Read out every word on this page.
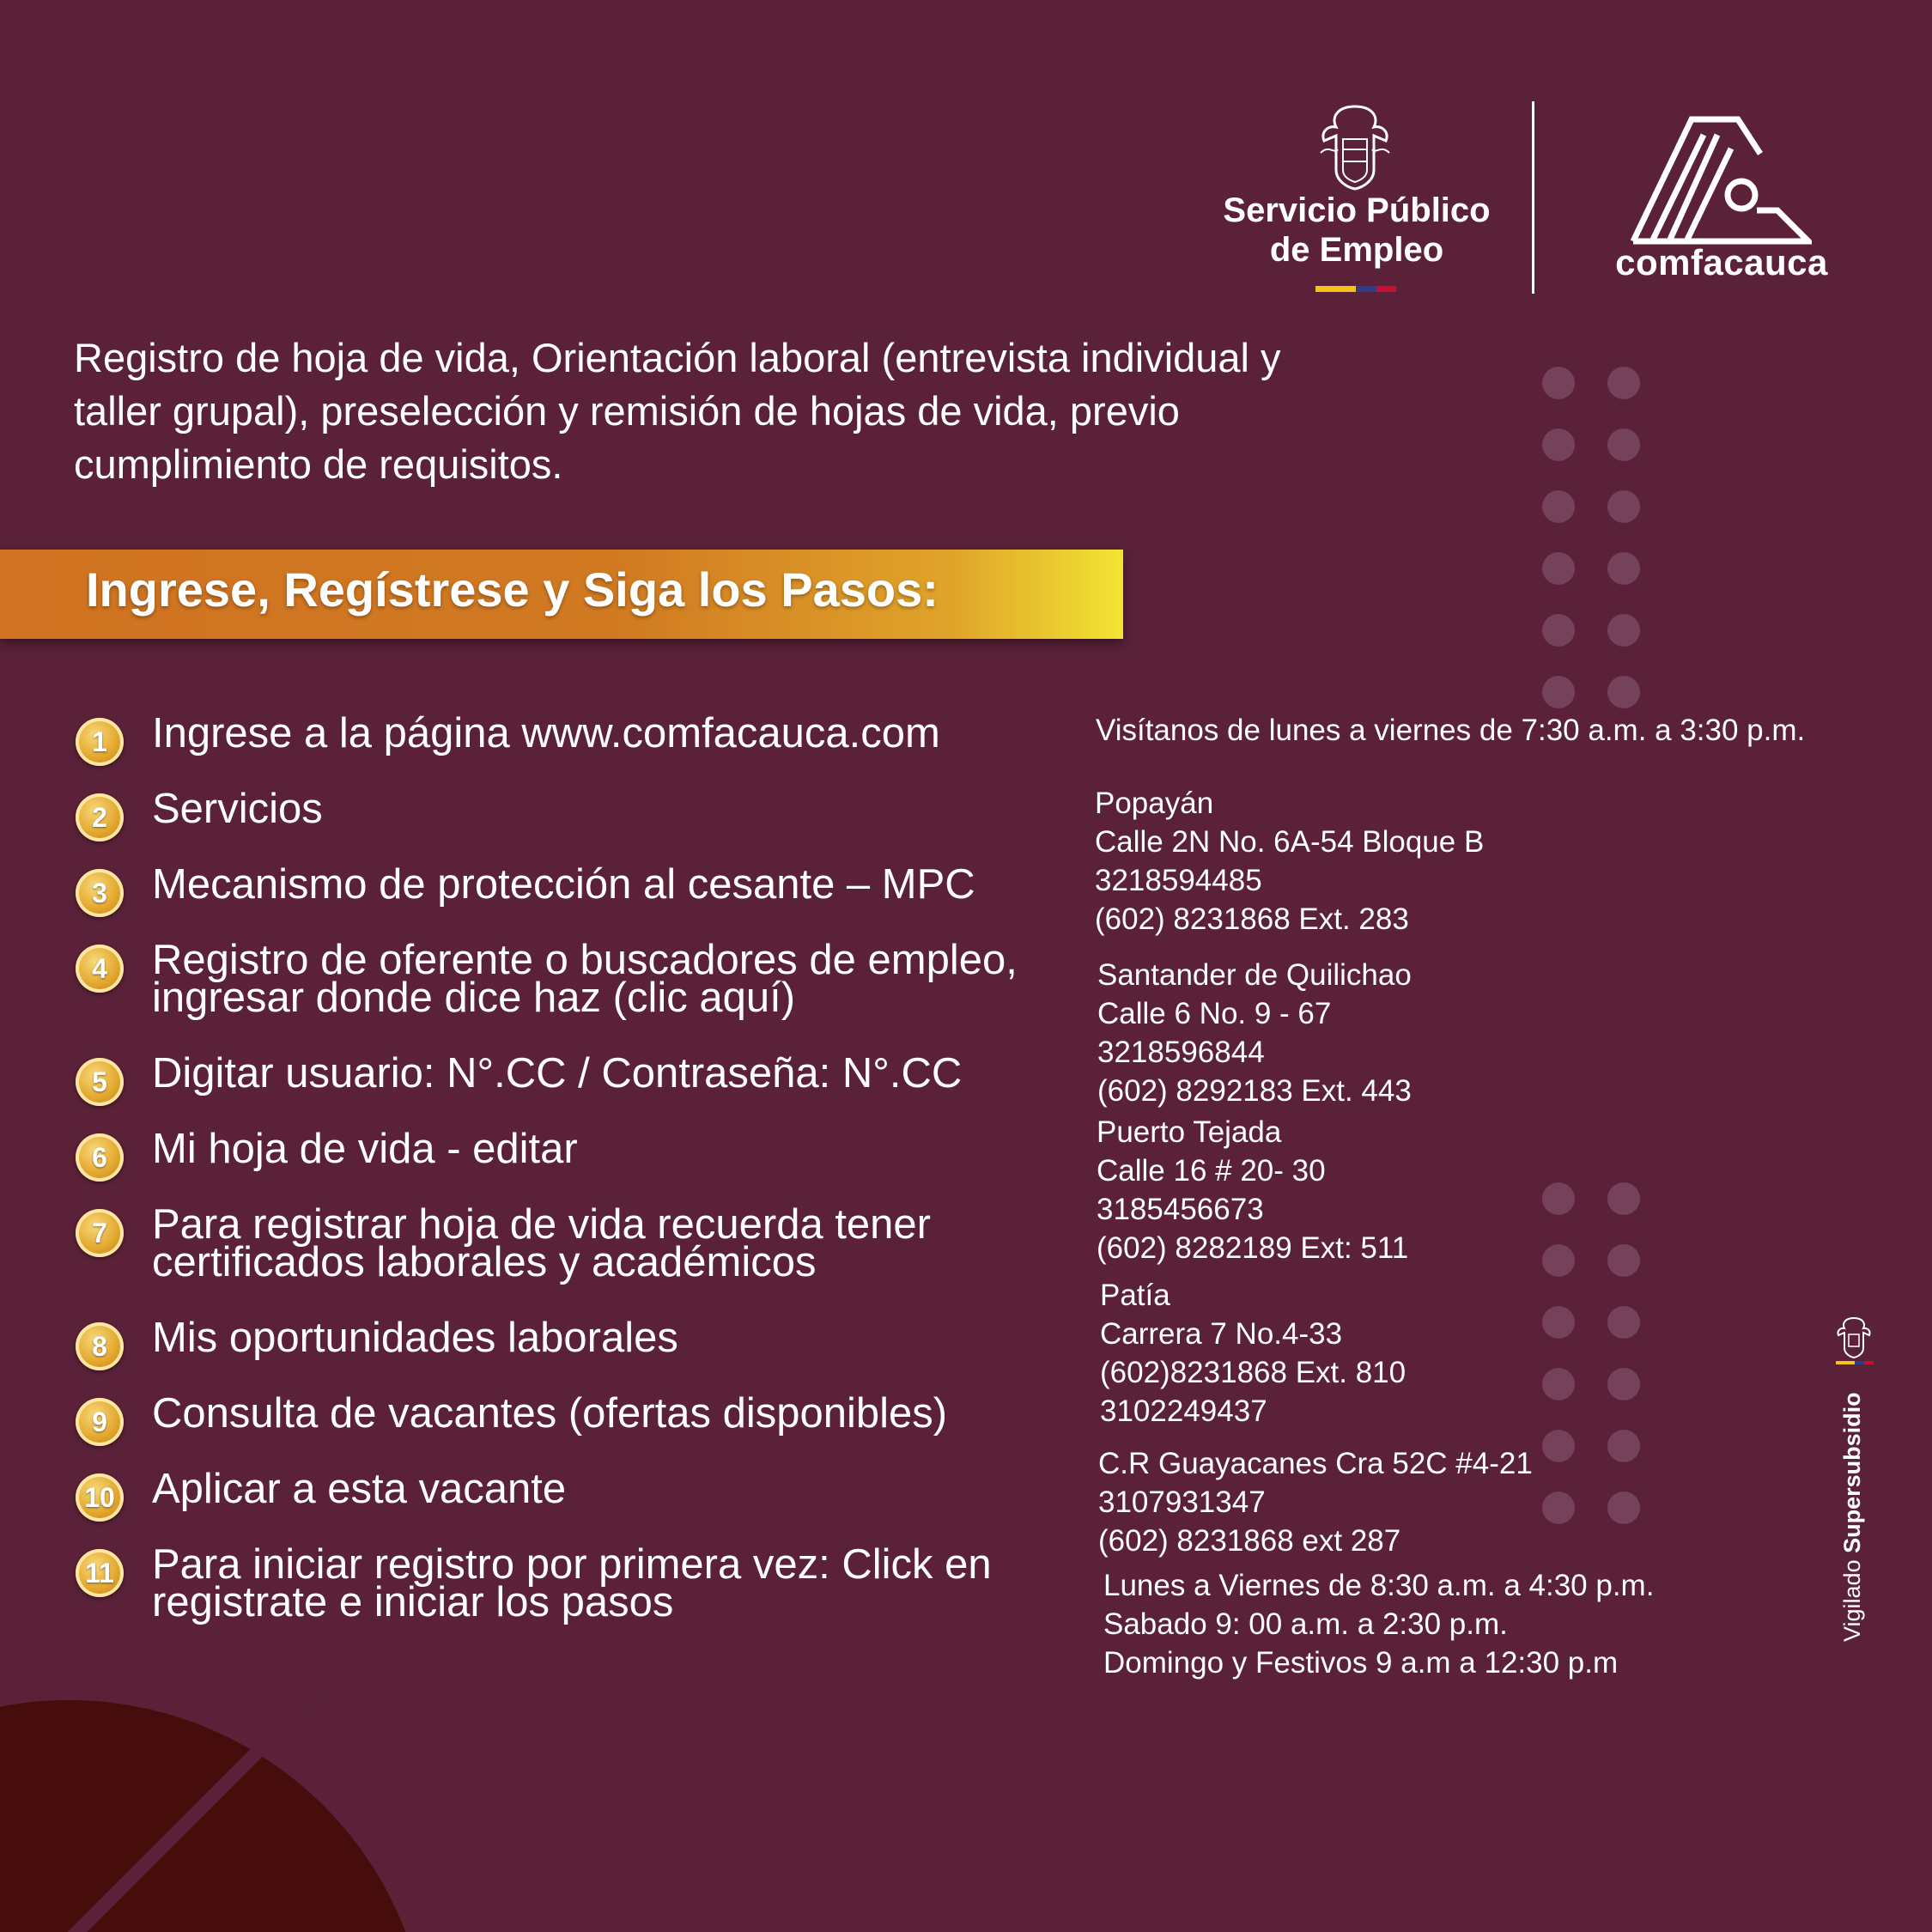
Servicio Público
de Empleo	comfacauca
Registro de hoja de vida, Orientación laboral (entrevista individual y taller grupal), preselección y remisión de hojas de vida, previo cumplimiento de requisitos.
Ingrese, Regístrese y Siga los Pasos:
1	Ingrese a la página www.comfacauca.com
2	Servicios
3	Mecanismo de protección al cesante – MPC
4	Registro de oferente o buscadores de empleo, ingresar donde dice haz (clic aquí)
5	Digitar usuario: N°.CC / Contraseña: N°.CC
6	Mi hoja de vida - editar
7	Para registrar hoja de vida recuerda tener certificados laborales y académicos
8	Mis oportunidades laborales
9	Consulta de vacantes (ofertas disponibles)
10 Aplicar a esta vacante
11 Para iniciar registro por primera vez: Click en registrate e iniciar los pasos
Visítanos de lunes a viernes de 7:30 a.m. a 3:30 p.m.
Popayán
Calle 2N No. 6A-54 Bloque B
3218594485
(602) 8231868 Ext. 283
Santander de Quilichao
Calle 6 No. 9 - 67
3218596844
(602) 8292183 Ext. 443
Puerto Tejada
Calle 16 # 20- 30
3185456673
(602) 8282189 Ext: 511
Patía
Carrera 7 No.4-33
(602)8231868 Ext. 810
3102249437
C.R Guayacanes Cra 52C #4-21
3107931347
(602) 8231868 ext 287
Lunes a Viernes de 8:30 a.m. a 4:30 p.m.
Sabado 9: 00 a.m. a 2:30 p.m.
Domingo y Festivos 9 a.m a 12:30 p.m
Vigilado Supersubsidio
